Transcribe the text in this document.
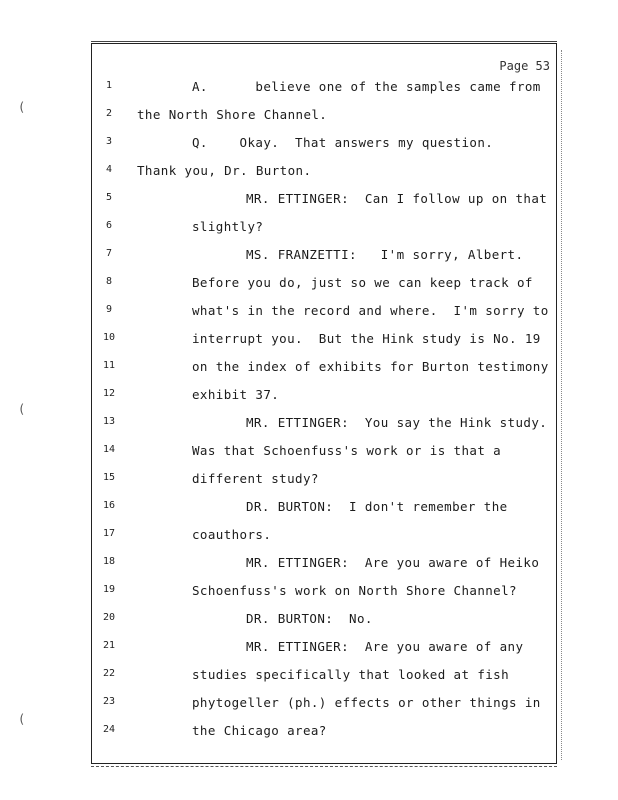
(
(
(
Page 53
1
2
3
4
5
6
7
8
9
10
11
12
13
14
15
16
17
18
19
20
21
22
23
24
A.      believe one of the samples came from
the North Shore Channel.
Q.    Okay.  That answers my question.
Thank you, Dr. Burton.
MR. ETTINGER:  Can I follow up on that
slightly?
MS. FRANZETTI:   I'm sorry, Albert.
Before you do, just so we can keep track of
what's in the record and where.  I'm sorry to
interrupt you.  But the Hink study is No. 19
on the index of exhibits for Burton testimony
exhibit 37.
MR. ETTINGER:  You say the Hink study.
Was that Schoenfuss's work or is that a
different study?
DR. BURTON:  I don't remember the
coauthors.
MR. ETTINGER:  Are you aware of Heiko
Schoenfuss's work on North Shore Channel?
DR. BURTON:  No.
MR. ETTINGER:  Are you aware of any
studies specifically that looked at fish
phytogeller (ph.) effects or other things in
the Chicago area?
